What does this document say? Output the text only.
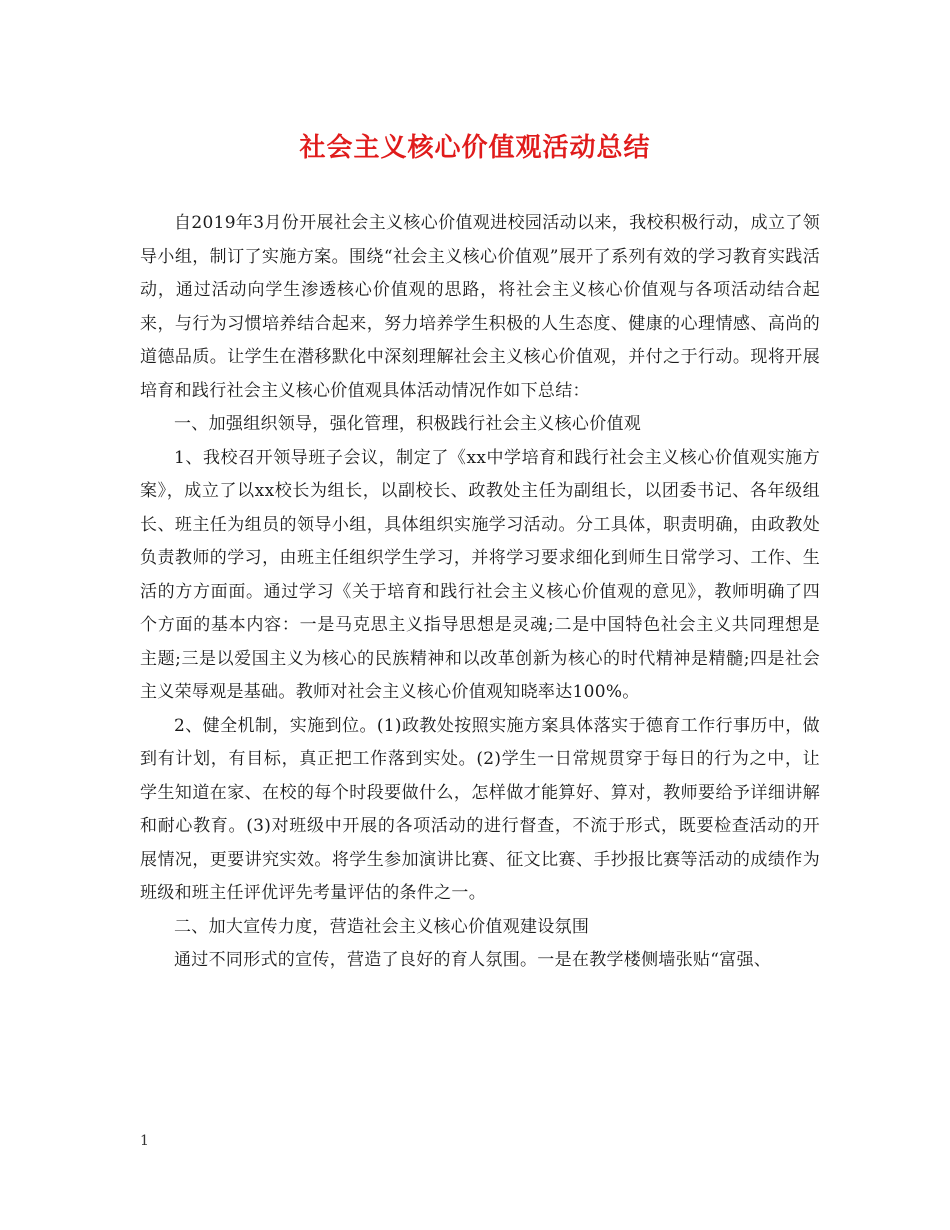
社会主义核心价值观活动总结

自2019年3月份开展社会主义核心价值观进校园活动以来，我校积极行动，成立了领导小组，制订了实施方案。围绕“社会主义核心价值观”展开了系列有效的学习教育实践活动，通过活动向学生渗透核心价值观的思路，将社会主义核心价值观与各项活动结合起来，与行为习惯培养结合起来，努力培养学生积极的人生态度、健康的心理情感、高尚的道德品质。让学生在潜移默化中深刻理解社会主义核心价值观，并付之于行动。现将开展培育和践行社会主义核心价值观具体活动情况作如下总结：

一、加强组织领导，强化管理，积极践行社会主义核心价值观

1、我校召开领导班子会议，制定了《xx中学培育和践行社会主义核心价值观实施方案》，成立了以xx校长为组长，以副校长、政教处主任为副组长，以团委书记、各年级组长、班主任为组员的领导小组，具体组织实施学习活动。分工具体，职责明确，由政教处负责教师的学习，由班主任组织学生学习，并将学习要求细化到师生日常学习、工作、生活的方方面面。通过学习《关于培育和践行社会主义核心价值观的意见》，教师明确了四个方面的基本内容：一是马克思主义指导思想是灵魂;二是中国特色社会主义共同理想是主题;三是以爱国主义为核心的民族精神和以改革创新为核心的时代精神是精髓;四是社会主义荣辱观是基础。教师对社会主义核心价值观知晓率达100%。

2、健全机制，实施到位。(1)政教处按照实施方案具体落实于德育工作行事历中，做到有计划，有目标，真正把工作落到实处。(2)学生一日常规贯穿于每日的行为之中，让学生知道在家、在校的每个时段要做什么，怎样做才能算好、算对，教师要给予详细讲解和耐心教育。(3)对班级中开展的各项活动的进行督查，不流于形式，既要检查活动的开展情况，更要讲究实效。将学生参加演讲比赛、征文比赛、手抄报比赛等活动的成绩作为班级和班主任评优评先考量评估的条件之一。

二、加大宣传力度，营造社会主义核心价值观建设氛围

通过不同形式的宣传，营造了良好的育人氛围。一是在教学楼侧墙张贴“富强、

1
